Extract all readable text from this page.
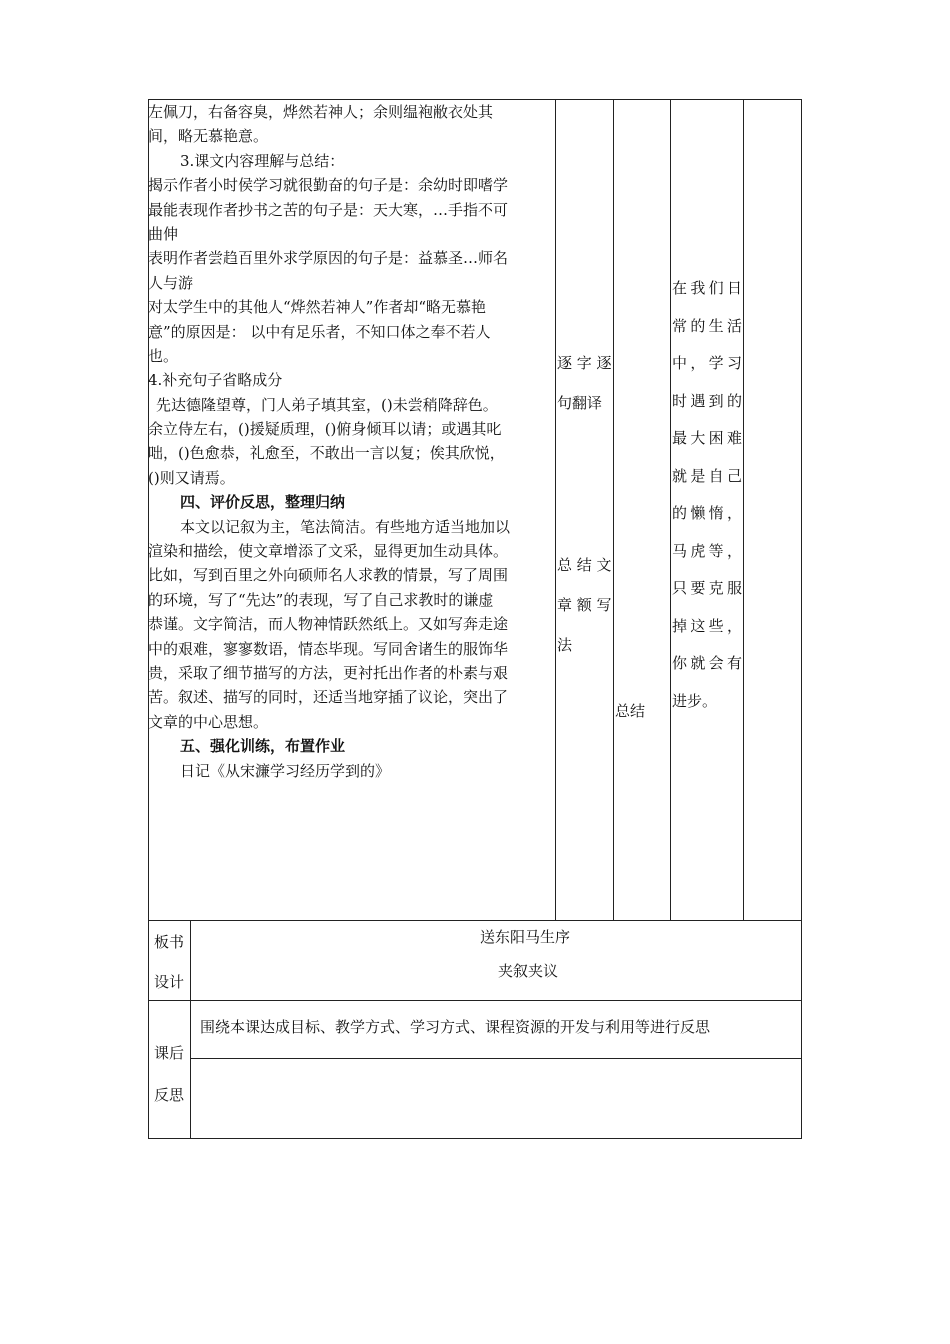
左佩刀，右备容臭，烨然若神人；余则缊袍敝衣处其
间，略无慕艳意。
3.课文内容理解与总结：
揭示作者小时侯学习就很勤奋的句子是：余幼时即嗜学
最能表现作者抄书之苦的句子是：天大寒，…手指不可
曲伸
表明作者尝趋百里外求学原因的句子是：益慕圣…师名
人与游
对太学生中的其他人“烨然若神人”作者却“略无慕艳
意”的原因是： 以中有足乐者，不知口体之奉不若人
也。
4.补充句子省略成分
先达德隆望尊，门人弟子填其室，()未尝稍降辞色。
余立侍左右，()援疑质理，()俯身倾耳以请；或遇其叱
咄，()色愈恭，礼愈至，不敢出一言以复；俟其欣悦，
()则又请焉。
四、评价反思，整理归纳
本文以记叙为主，笔法简洁。有些地方适当地加以
渲染和描绘，使文章增添了文采，显得更加生动具体。
比如，写到百里之外向硕师名人求教的情景，写了周围
的环境，写了“先达”的表现，写了自己求教时的谦虚
恭谨。文字简洁，而人物神情跃然纸上。又如写奔走途
中的艰难，寥寥数语，情态毕现。写同舍诸生的服饰华
贵，采取了细节描写的方法，更衬托出作者的朴素与艰
苦。叙述、描写的同时，还适当地穿插了议论，突出了
文章的中心思想。
五、强化训练，布置作业
日记《从宋濂学习经历学到的》
逐 字 逐
句翻译
总 结 文
章 额 写
法
总结
在我们日
常的生活
中，学习
时遇到的
最大困难
就是自己
的懒惰，
马虎等，
只要克服
掉这些，
你就会有
进步。
板书
设计
送东阳马生序
夹叙夹议
课后
反思
围绕本课达成目标、教学方式、学习方式、课程资源的开发与利用等进行反思
